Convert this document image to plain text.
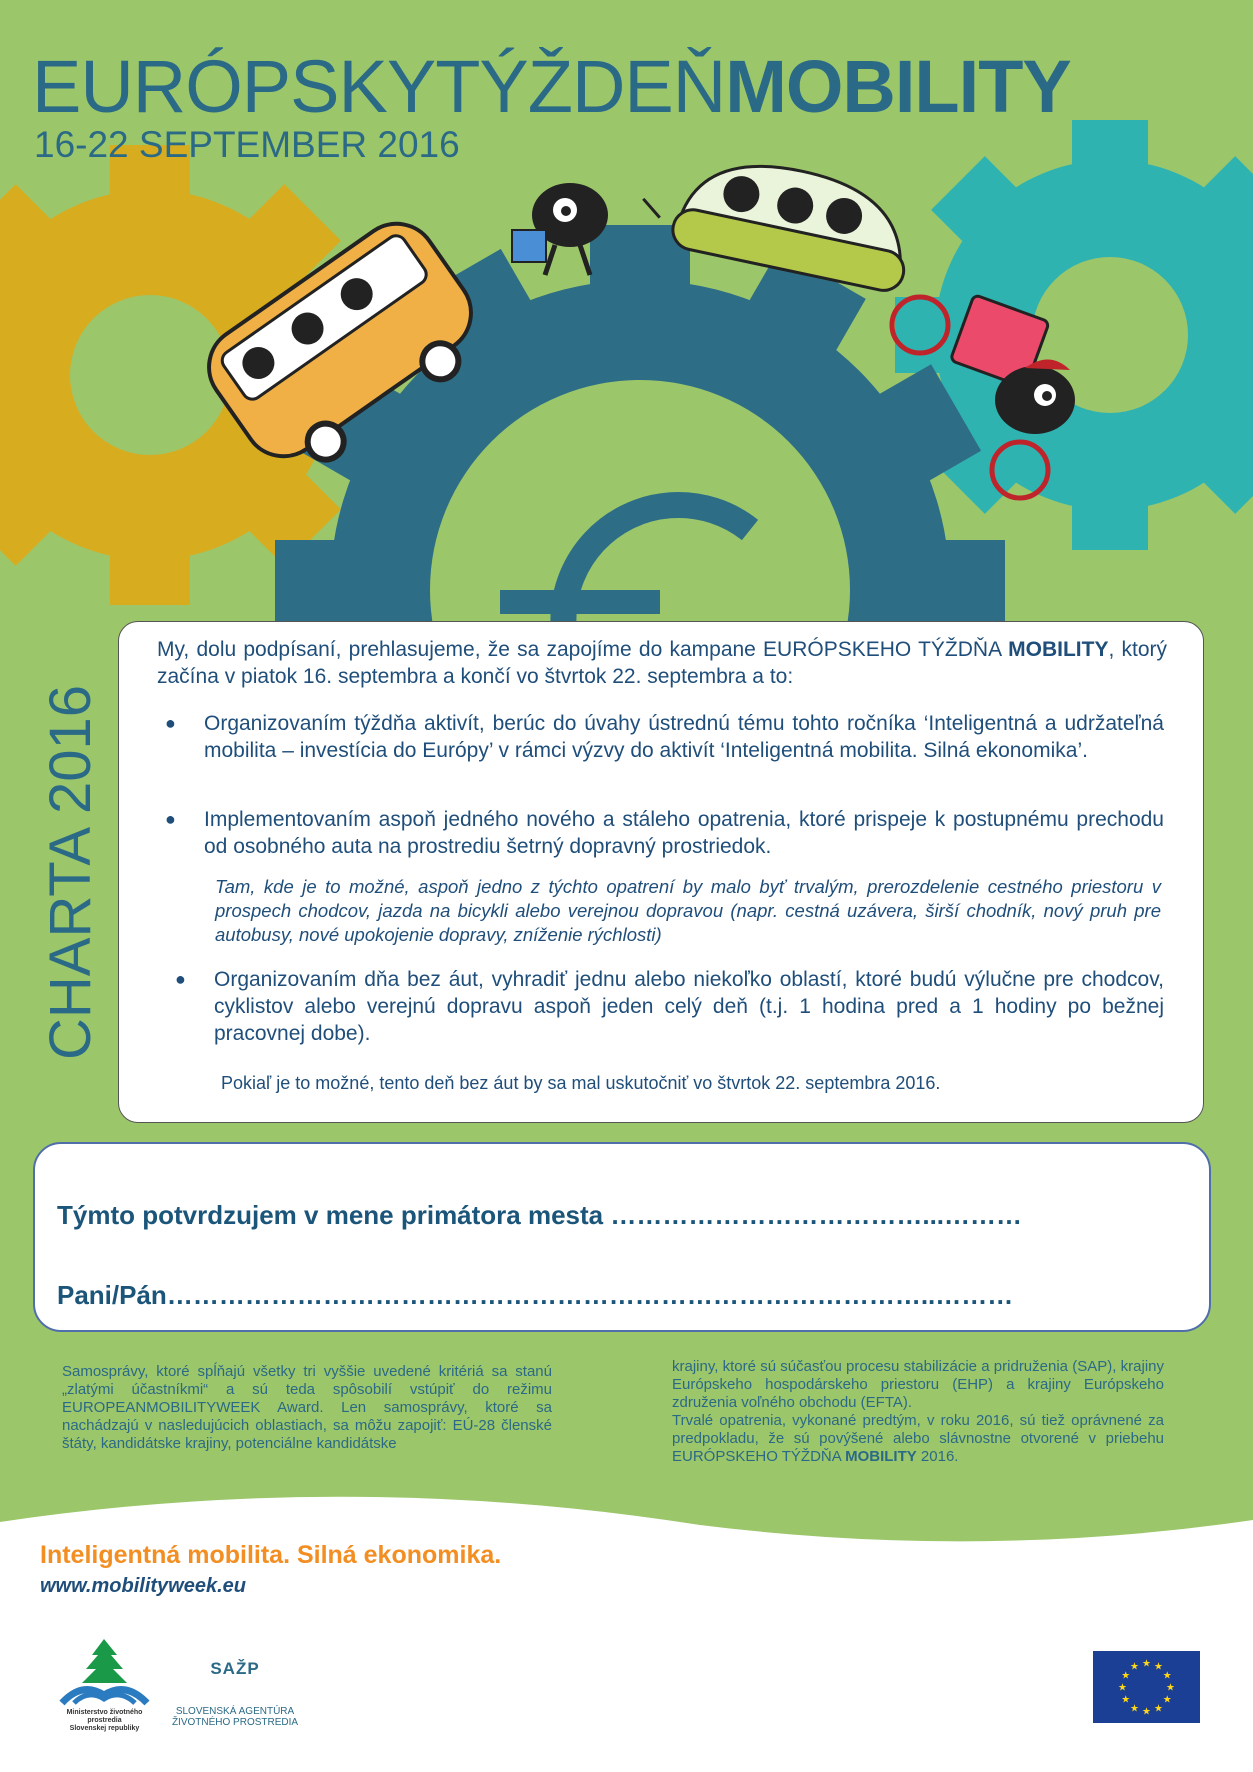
EURÓPSKYTÝŽDEŇMOBILITY
16-22 SEPTEMBER 2016
CHARTA 2016
My, dolu podpísaní, prehlasujeme, že sa zapojíme do kampane EURÓPSKEHO TÝŽDŇA MOBILITY, ktorý začína v piatok 16. septembra a končí vo štvrtok 22. septembra a to:
● Organizovaním týždňa aktivít, berúc do úvahy ústrednú tému tohto ročníka ‘Inteligentná a udržateľná mobilita – investícia do Európy’ v rámci výzvy do aktivít ‘Inteligentná mobilita. Silná ekonomika’.
● Implementovaním aspoň jedného nového a stáleho opatrenia, ktoré prispeje k postupnému prechodu od osobného auta na prostrediu šetrný dopravný prostriedok.
Tam, kde je to možné, aspoň jedno z týchto opatrení by malo byť trvalým, prerozdelenie cestného priestoru v prospech chodcov, jazda na bicykli alebo verejnou dopravou (napr. cestná uzávera, širší chodník, nový pruh pre autobusy, nové upokojenie dopravy, zníženie rýchlosti)
● Organizovaním dňa bez áut, vyhradiť jednu alebo niekoľko oblastí, ktoré budú výlučne pre chodcov, cyklistov alebo verejnú dopravu aspoň jeden celý deň (t.j. 1 hodina pred a 1 hodiny po bežnej pracovnej dobe).
Pokiaľ je to možné, tento deň bez áut by sa mal uskutočniť vo štvrtok 22. septembra 2016.
Týmto potvrdzujem v mene primátora mesta ………………………………...………
Pani/Pán……………………………………………………………………………..………
Samosprávy, ktoré spĺňajú všetky tri vyššie uvedené kritériá sa stanú „zlatými účastníkmi“ a sú teda spôsobilí vstúpiť do režimu EUROPEANMOBILITYWEEK Award. Len samosprávy, ktoré sa nachádzajú v nasledujúcich oblastiach, sa môžu zapojiť: EÚ-28 členské štáty, kandidátske krajiny, potenciálne kandidátske
krajiny, ktoré sú súčasťou procesu stabilizácie a pridruženia (SAP), krajiny Európskeho hospodárskeho priestoru (EHP) a krajiny Európskeho združenia voľného obchodu (EFTA).
Trvalé opatrenia, vykonané predtým, v roku 2016, sú tiež oprávnené za predpokladu, že sú povýšené alebo slávnostne otvorené v priebehu EURÓPSKEHO TÝŽDŇA MOBILITY 2016.
Inteligentná mobilita. Silná ekonomika.
www.mobilityweek.eu
Ministerstvo životného prostredia
Slovenskej republiky
SAŽP
SLOVENSKÁ AGENTÚRA
ŽIVOTNÉHO PROSTREDIA
★
★
★
★
★
★
★
★
★ ★ ★
★
